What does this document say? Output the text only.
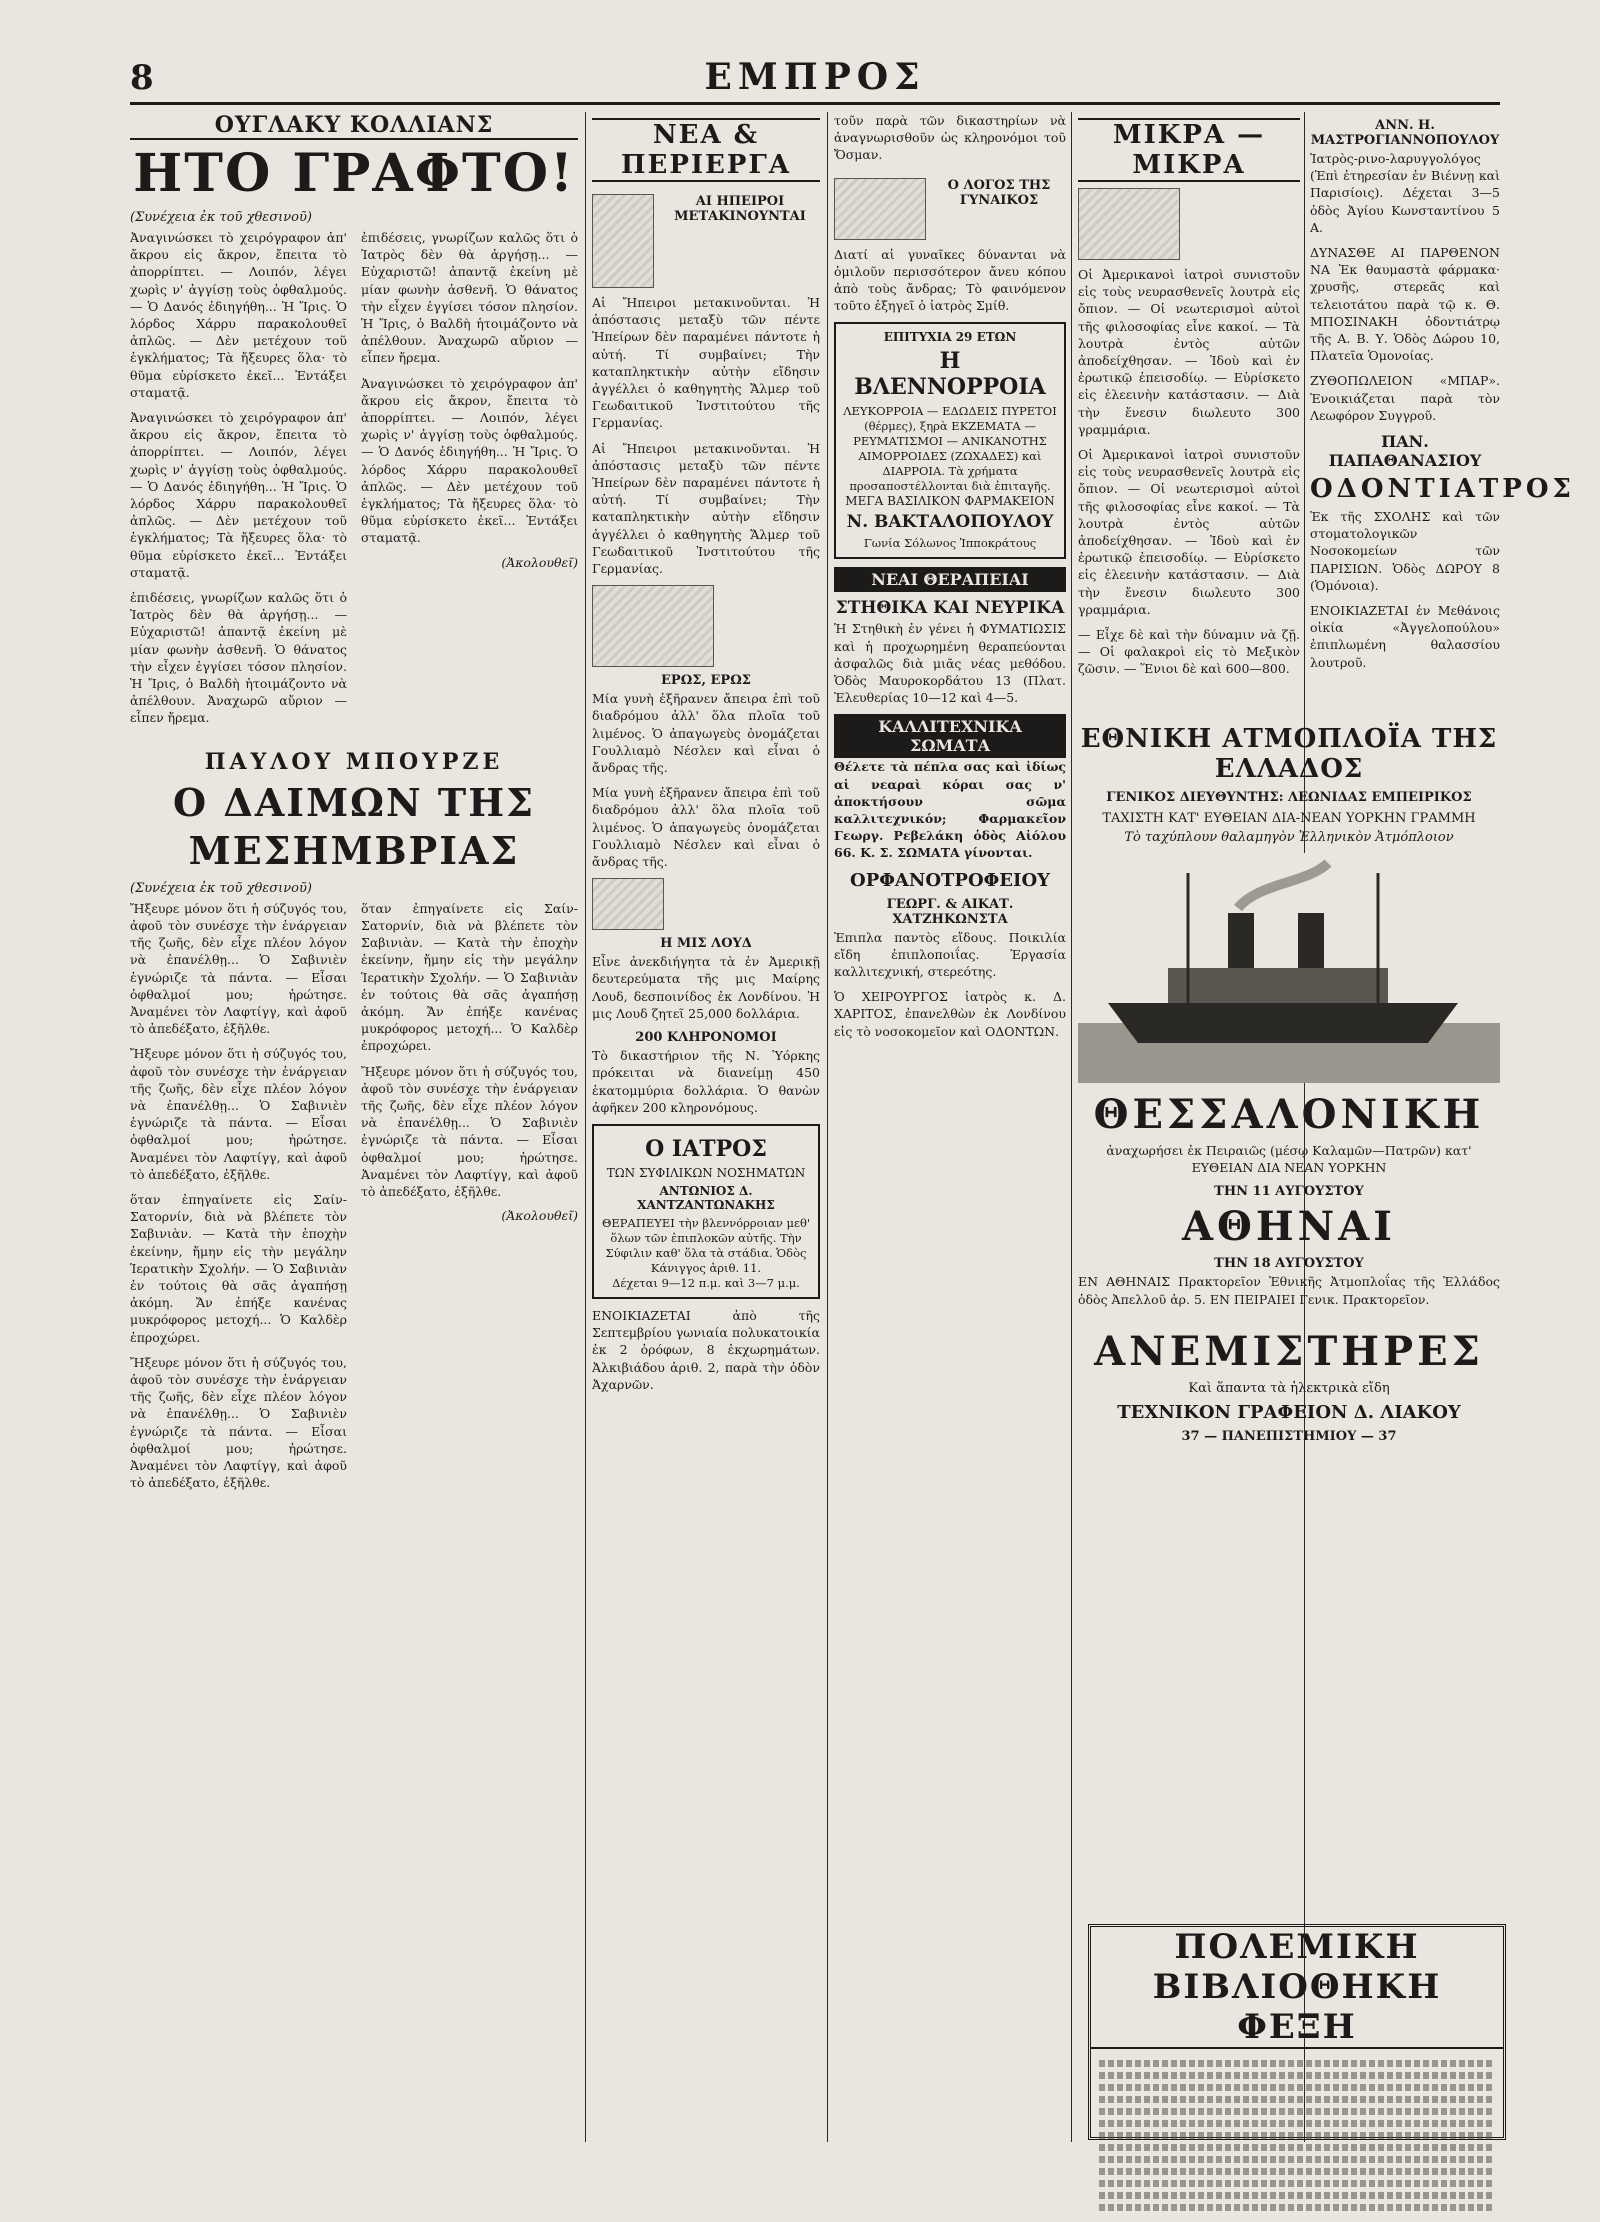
8	ΕΜΠΡΟΣ
ΟΥΓΛΑΚΥ ΚΟΛΛΙΑΝΣ
ΗΤΟ ΓΡΑΦΤΟ!
(Συνέχεια ἐκ τοῦ χθεσινοῦ)

Ἀναγινώσκει τὸ χειρόγραφον ἀπ' ἄκρου εἰς ἄκρον, ἔπειτα τὸ ἀπορρίπτει. — Λοιπόν, λέγει χωρὶς ν' ἀγγίσῃ τοὺς ὀφθαλμούς. — Ὁ Δανός ἐδιηγήθη... Ἡ Ἴρις. Ὁ λόρδος Χάρρυ παρακολουθεῖ ἀπλῶς. — Δὲν μετέχουν τοῦ ἐγκλήματος; Τὰ ἤξευρες ὅλα· τὸ θῦμα εὑρίσκετο ἐκεῖ... Ἐντάξει σταματᾷ.

Ἀναγινώσκει τὸ χειρόγραφον ἀπ' ἄκρου εἰς ἄκρον, ἔπειτα τὸ ἀπορρίπτει. — Λοιπόν, λέγει χωρὶς ν' ἀγγίσῃ τοὺς ὀφθαλμούς. — Ὁ Δανός ἐδιηγήθη... Ἡ Ἴρις. Ὁ λόρδος Χάρρυ παρακολουθεῖ ἀπλῶς. — Δὲν μετέχουν τοῦ ἐγκλήματος; Τὰ ἤξευρες ὅλα· τὸ θῦμα εὑρίσκετο ἐκεῖ... Ἐντάξει σταματᾷ.

ἐπιδέσεις, γνωρίζων καλῶς ὅτι ὁ Ἰατρὸς δὲν θὰ ἀργήσῃ... — Εὐχαριστῶ! ἀπαντᾷ ἐκείνη μὲ μίαν φωνὴν ἀσθενῆ. Ὁ θάνατος τὴν εἶχεν ἐγγίσει τόσον πλησίον. Ἡ Ἴρις, ὁ Βαλδὴ ἡτοιμάζοντο νὰ ἀπέλθουν. Ἀναχωρῶ αὔριον — εἶπεν ἤρεμα.

ἐπιδέσεις, γνωρίζων καλῶς ὅτι ὁ Ἰατρὸς δὲν θὰ ἀργήσῃ... — Εὐχαριστῶ! ἀπαντᾷ ἐκείνη μὲ μίαν φωνὴν ἀσθενῆ. Ὁ θάνατος τὴν εἶχεν ἐγγίσει τόσον πλησίον. Ἡ Ἴρις, ὁ Βαλδὴ ἡτοιμάζοντο νὰ ἀπέλθουν. Ἀναχωρῶ αὔριον — εἶπεν ἤρεμα.

Ἀναγινώσκει τὸ χειρόγραφον ἀπ' ἄκρου εἰς ἄκρον, ἔπειτα τὸ ἀπορρίπτει. — Λοιπόν, λέγει χωρὶς ν' ἀγγίσῃ τοὺς ὀφθαλμούς. — Ὁ Δανός ἐδιηγήθη... Ἡ Ἴρις. Ὁ λόρδος Χάρρυ παρακολουθεῖ ἀπλῶς. — Δὲν μετέχουν τοῦ ἐγκλήματος; Τὰ ἤξευρες ὅλα· τὸ θῦμα εὑρίσκετο ἐκεῖ... Ἐντάξει σταματᾷ.

(Ἀκολουθεῖ)
ΠΑΥΛΟΥ ΜΠΟΥΡΖΕ
Ο ΔΑΙΜΩΝ ΤΗΣ ΜΕΣΗΜΒΡΙΑΣ
(Συνέχεια ἐκ τοῦ χθεσινοῦ)

Ἤξευρε μόνον ὅτι ἡ σύζυγός του, ἀφοῦ τὸν συνέσχε τὴν ἐνάργειαν τῆς ζωῆς, δὲν εἶχε πλέον λόγον νὰ ἐπανέλθῃ... Ὁ Σαβινιὲν ἐγνώριζε τὰ πάντα. — Εἶσαι ὀφθαλμοί μου; ἠρώτησε. Ἀναμένει τὸν Λαφτίγγ, καὶ ἀφοῦ τὸ ἀπεδέξατο, ἐξῆλθε.

Ἤξευρε μόνον ὅτι ἡ σύζυγός του, ἀφοῦ τὸν συνέσχε τὴν ἐνάργειαν τῆς ζωῆς, δὲν εἶχε πλέον λόγον νὰ ἐπανέλθῃ... Ὁ Σαβινιὲν ἐγνώριζε τὰ πάντα. — Εἶσαι ὀφθαλμοί μου; ἠρώτησε. Ἀναμένει τὸν Λαφτίγγ, καὶ ἀφοῦ τὸ ἀπεδέξατο, ἐξῆλθε.

ὅταν ἐπηγαίνετε εἰς Σαίν-Σατορνίν, διὰ νὰ βλέπετε τὸν Σαβινιὰν. — Κατὰ τὴν ἐποχὴν ἐκείνην, ἤμην εἰς τὴν μεγάλην Ἱερατικὴν Σχολήν. — Ὁ Σαβινιὰν ἐν τούτοις θὰ σᾶς ἀγαπήσῃ ἀκόμη. Ἄν ἐπήξε κανένας μυκρόφορος μετοχή... Ὁ Καλδὲρ ἐπροχώρει.

Ἤξευρε μόνον ὅτι ἡ σύζυγός του, ἀφοῦ τὸν συνέσχε τὴν ἐνάργειαν τῆς ζωῆς, δὲν εἶχε πλέον λόγον νὰ ἐπανέλθῃ... Ὁ Σαβινιὲν ἐγνώριζε τὰ πάντα. — Εἶσαι ὀφθαλμοί μου; ἠρώτησε. Ἀναμένει τὸν Λαφτίγγ, καὶ ἀφοῦ τὸ ἀπεδέξατο, ἐξῆλθε.

ὅταν ἐπηγαίνετε εἰς Σαίν-Σατορνίν, διὰ νὰ βλέπετε τὸν Σαβινιὰν. — Κατὰ τὴν ἐποχὴν ἐκείνην, ἤμην εἰς τὴν μεγάλην Ἱερατικὴν Σχολήν. — Ὁ Σαβινιὰν ἐν τούτοις θὰ σᾶς ἀγαπήσῃ ἀκόμη. Ἄν ἐπήξε κανένας μυκρόφορος μετοχή... Ὁ Καλδὲρ ἐπροχώρει.

Ἤξευρε μόνον ὅτι ἡ σύζυγός του, ἀφοῦ τὸν συνέσχε τὴν ἐνάργειαν τῆς ζωῆς, δὲν εἶχε πλέον λόγον νὰ ἐπανέλθῃ... Ὁ Σαβινιὲν ἐγνώριζε τὰ πάντα. — Εἶσαι ὀφθαλμοί μου; ἠρώτησε. Ἀναμένει τὸν Λαφτίγγ, καὶ ἀφοῦ τὸ ἀπεδέξατο, ἐξῆλθε.

(Ἀκολουθεῖ)
ΝΕΑ & ΠΕΡΙΕΡΓΑ
ΑΙ ΗΠΕΙΡΟΙ ΜΕΤΑΚΙΝΟΥΝΤΑΙ

Αἱ Ἤπειροι μετακινοῦνται. Ἡ ἀπόστασις μεταξὺ τῶν πέντε Ἠπείρων δὲν παραμένει πάντοτε ἡ αὐτή. Τί συμβαίνει; Τὴν καταπληκτικὴν αὐτὴν εἴδησιν ἀγγέλλει ὁ καθηγητὴς Ἄλμερ τοῦ Γεωδαιτικοῦ Ἰνστιτούτου τῆς Γερμανίας.

Αἱ Ἤπειροι μετακινοῦνται. Ἡ ἀπόστασις μεταξὺ τῶν πέντε Ἠπείρων δὲν παραμένει πάντοτε ἡ αὐτή. Τί συμβαίνει; Τὴν καταπληκτικὴν αὐτὴν εἴδησιν ἀγγέλλει ὁ καθηγητὴς Ἄλμερ τοῦ Γεωδαιτικοῦ Ἰνστιτούτου τῆς Γερμανίας.

ΕΡΩΣ, ΕΡΩΣ

Μία γυνὴ ἐξῆρανεν ἄπειρα ἐπὶ τοῦ διαδρόμου ἀλλ' ὅλα πλοῖα τοῦ λιμένος. Ὁ ἀπαγωγεὺς ὀνομάζεται Γουλλιαμὸ Νέσλεν καὶ εἶναι ὁ ἄνδρας τῆς.

Μία γυνὴ ἐξῆρανεν ἄπειρα ἐπὶ τοῦ διαδρόμου ἀλλ' ὅλα πλοῖα τοῦ λιμένος. Ὁ ἀπαγωγεὺς ὀνομάζεται Γουλλιαμὸ Νέσλεν καὶ εἶναι ὁ ἄνδρας τῆς.

Η ΜΙΣ ΛΟΥΔ

Εἶνε ἀνεκδιήγητα τὰ ἐν Ἀμερικῇ δευτερεύματα τῆς μις Μαίρης Λουδ, δεσποινίδος ἐκ Λονδίνου. Ἡ μις Λουδ ζητεῖ 25,000 δολλάρια.

200 ΚΛΗΡΟΝΟΜΟΙ

Τὸ δικαστήριον τῆς Ν. Ὑόρκης πρόκειται νὰ διανείμῃ 450 ἑκατομμύρια δολλάρια. Ὁ θανὼν ἀφῆκεν 200 κληρονόμους.

Ο ΙΑΤΡΟΣ
ΤΩΝ ΣΥΦΙΛΙΚΩΝ ΝΟΣΗΜΑΤΩΝ
ΑΝΤΩΝΙΟΣ Δ. ΧΑΝΤΖΑΝΤΩΝΑΚΗΣ
ΘΕΡΑΠΕΥΕΙ τὴν βλεννόρροιαν μεθ' ὅλων τῶν ἐπιπλοκῶν αὐτῆς. Τὴν Σύφιλιν καθ' ὅλα τὰ στάδια. Ὁδὸς Κάνιγγος ἀριθ. 11.
Δέχεται 9—12 π.μ. καὶ 3—7 μ.μ.

ΕΝΟΙΚΙΑΖΕΤΑΙ ἀπὸ τῆς Σεπτεμβρίου γωνιαία πολυκατοικία ἐκ 2 ὀρόφων, 8 ἐκχωρημάτων. Ἀλκιβιάδου ἀριθ. 2, παρὰ τὴν ὁδὸν Ἀχαρνῶν.

τοῦν παρὰ τῶν δικαστηρίων νὰ ἀναγνωρισθοῦν ὡς κληρονόμοι τοῦ Ὄσμαν.

Ο ΛΟΓΟΣ ΤΗΣ ΓΥΝΑΙΚΟΣ

Διατί αἱ γυναῖκες δύνανται νὰ ὁμιλοῦν περισσότερον ἄνευ κόπου ἀπὸ τοὺς ἄνδρας; Τὸ φαινόμενον τοῦτο ἐξηγεῖ ὁ ἰατρὸς Σμίθ.

ΕΠΙΤΥΧΙΑ 29 ΕΤΩΝ
Η ΒΛΕΝΝΟΡΡΟΙΑ
ΛΕΥΚΟΡΡΟΙΑ — ΕΔΩΔΕΙΣ ΠΥΡΕΤΟΙ (θέρμες), ξηρὰ ΕΚΖΕΜΑΤΑ — ΡΕΥΜΑΤΙΣΜΟΙ — ΑΝΙΚΑΝΟΤΗΣ ΑΙΜΟΡΡΟΙΔΕΣ (ΖΩΧΑΔΕΣ) καὶ ΔΙΑΡΡΟΙΑ. Τὰ χρήματα προσαποστέλλονται διὰ ἐπιταγῆς.
ΜΕΓΑ ΒΑΣΙΛΙΚΟΝ ΦΑΡΜΑΚΕΙΟΝ
Ν. ΒΑΚΤΑΛΟΠΟΥΛΟΥ
Γωνία Σόλωνος Ἱπποκράτους
ΝΕΑΙ ΘΕΡΑΠΕΙΑΙ
ΣΤΗΘΙΚΑ ΚΑΙ ΝΕΥΡΙΚΑ

Ἡ Στηθικὴ ἐν γένει ἡ ΦΥΜΑΤΙΩΣΙΣ καὶ ἡ προχωρημένη θεραπεύονται ἀσφαλῶς διὰ μιᾶς νέας μεθόδου. Ὁδὸς Μαυροκορδάτου 13 (Πλατ. Ἐλευθερίας 10—12 καὶ 4—5.

ΚΑΛΛΙΤΕΧΝΙΚΑ ΣΩΜΑΤΑ

Θέλετε τὰ πέπλα σας καὶ ἰδίως αἱ νεαραὶ κόραι σας ν' ἀποκτήσουν σῶμα καλλιτεχνικόν; Φαρμακεῖον Γεωργ. Ρεβελάκη ὁδὸς Αἰόλου 66. Κ. Σ. ΣΩΜΑΤΑ γίνονται.

ΟΡΦΑΝΟΤΡΟΦΕΙΟΥ
ΓΕΩΡΓ. & ΑΙΚΑΤ. ΧΑΤΖΗΚΩΝΣΤΑ

Ἐπιπλα παντὸς εἴδους. Ποικιλία εἴδη ἐπιπλοποιΐας. Ἐργασία καλλιτεχνική, στερεότης.

Ὁ ΧΕΙΡΟΥΡΓΟΣ ἰατρὸς κ. Δ. ΧΑΡΙΤΟΣ, ἐπανελθὼν ἐκ Λονδίνου εἰς τὸ νοσοκομεῖον καὶ ΟΔΟΝΤΩΝ.

ΜΙΚΡΑ — ΜΙΚΡΑ

Οἱ Ἀμερικανοὶ ἰατροὶ συνιστοῦν εἰς τοὺς νευρασθενεῖς λουτρὰ εἰς ὄπιον. — Οἱ νεωτερισμοὶ αὐτοὶ τῆς φιλοσοφίας εἶνε κακοί. — Τὰ λουτρὰ ἐντὸς αὐτῶν ἀποδείχθησαν. — Ἰδοὺ καὶ ἐν ἐρωτικῷ ἐπεισοδίῳ. — Εὑρίσκετο εἰς ἐλεεινὴν κατάστασιν. — Διὰ τὴν ἔνεσιν διωλευτο 300 γραμμάρια.

Οἱ Ἀμερικανοὶ ἰατροὶ συνιστοῦν εἰς τοὺς νευρασθενεῖς λουτρὰ εἰς ὄπιον. — Οἱ νεωτερισμοὶ αὐτοὶ τῆς φιλοσοφίας εἶνε κακοί. — Τὰ λουτρὰ ἐντὸς αὐτῶν ἀποδείχθησαν. — Ἰδοὺ καὶ ἐν ἐρωτικῷ ἐπεισοδίῳ. — Εὑρίσκετο εἰς ἐλεεινὴν κατάστασιν. — Διὰ τὴν ἔνεσιν διωλευτο 300 γραμμάρια.

— Εἶχε δὲ καὶ τὴν δύναμιν νὰ ζῇ. — Οἱ φαλακροὶ εἰς τὸ Μεξικὸν ζῶσιν. — Ἕνιοι δὲ καὶ 600—800.

ΑΝΝ. Η. ΜΑΣΤΡΟΓΙΑΝΝΟΠΟΥΛΟΥ

Ἰατρὸς-ρινο-λαρυγγολόγος (Ἐπὶ ἐτηρεσίαν ἐν Βιέννῃ καὶ Παρισίοις). Δέχεται 3—5 ὁδὸς Ἀγίου Κωνσταντίνου 5 Α.

ΔΥΝΑΣΘΕ ΑΙ ΠΑΡΘΕΝΟΝ ΝΑ Ἐκ θαυμαστὰ φάρμακα· χρυσῆς, στερεᾶς καὶ τελειοτάτου παρὰ τῷ κ. Θ. ΜΠΟΣΙΝΑΚΗ ὀδοντιάτρῳ τῆς Α. Β. Υ. Ὁδὸς Δώρου 10, Πλατεῖα Ὁμονοίας.

ΖΥΘΟΠΩΛΕΙΟΝ «ΜΠΑΡ». Ἐνοικιάζεται παρὰ τὸν Λεωφόρον Συγγροῦ.

ΠΑΝ. ΠΑΠΑΘΑΝΑΣΙΟΥ
ΟΔΟΝΤΙΑΤΡΟΣ

Ἐκ τῆς ΣΧΟΛΗΣ καὶ τῶν στοματολογικῶν Νοσοκομείων τῶν ΠΑΡΙΣΙΩΝ. Ὁδὸς ΔΩΡΟΥ 8 (Ὁμόνοια).

ΕΝΟΙΚΙΑΖΕΤΑΙ ἐν Μεθάνοις οἰκία «Ἀγγελοπούλου» ἐπιπλωμένη θαλασσίου λουτροῦ.

ΕΘΝΙΚΗ ΑΤΜΟΠΛΟΪΑ ΤΗΣ ΕΛΛΑΔΟΣ
ΓΕΝΙΚΟΣ ΔΙΕΥΘΥΝΤΗΣ: ΛΕΩΝΙΔΑΣ ΕΜΠΕΙΡΙΚΟΣ
ΤΑΧΙΣΤΗ ΚΑΤ' ΕΥΘΕΙΑΝ ΔΙΑ-ΝΕΑΝ ΥΟΡΚΗΝ ΓΡΑΜΜΗ
Τὸ ταχύπλουν θαλαμηγὸν Ἑλληνικὸν Ἀτμόπλοιον
ΘΕΣΣΑΛΟΝΙΚΗ

ἀναχωρήσει ἐκ Πειραιῶς (μέσῳ Καλαμῶν—Πατρῶν) κατ' ΕΥΘΕΙΑΝ ΔΙΑ ΝΕΑΝ ΥΟΡΚΗΝ

ΤΗΝ 11 ΑΥΓΟΥΣΤΟΥ
ΑΘΗΝΑΙ
ΤΗΝ 18 ΑΥΓΟΥΣΤΟΥ

ΕΝ ΑΘΗΝΑΙΣ Πρακτορεῖον Ἐθνικῆς Ἀτμοπλοΐας τῆς Ἑλλάδος ὁδὸς Ἀπελλοῦ ἀρ. 5. ΕΝ ΠΕΙΡΑΙΕΙ Γενικ. Πρακτορεῖον.

ΑΝΕΜΙΣΤΗΡΕΣ
Καὶ ἅπαντα τὰ ἠλεκτρικὰ εἴδη
ΤΕΧΝΙΚΟΝ ΓΡΑΦΕΙΟΝ Δ. ΛΙΑΚΟΥ
37 — ΠΑΝΕΠΙΣΤΗΜΙΟΥ — 37
ΠΟΛΕΜΙΚΗ ΒΙΒΛΙΟΘΗΚΗ ΦΕΞΗ
